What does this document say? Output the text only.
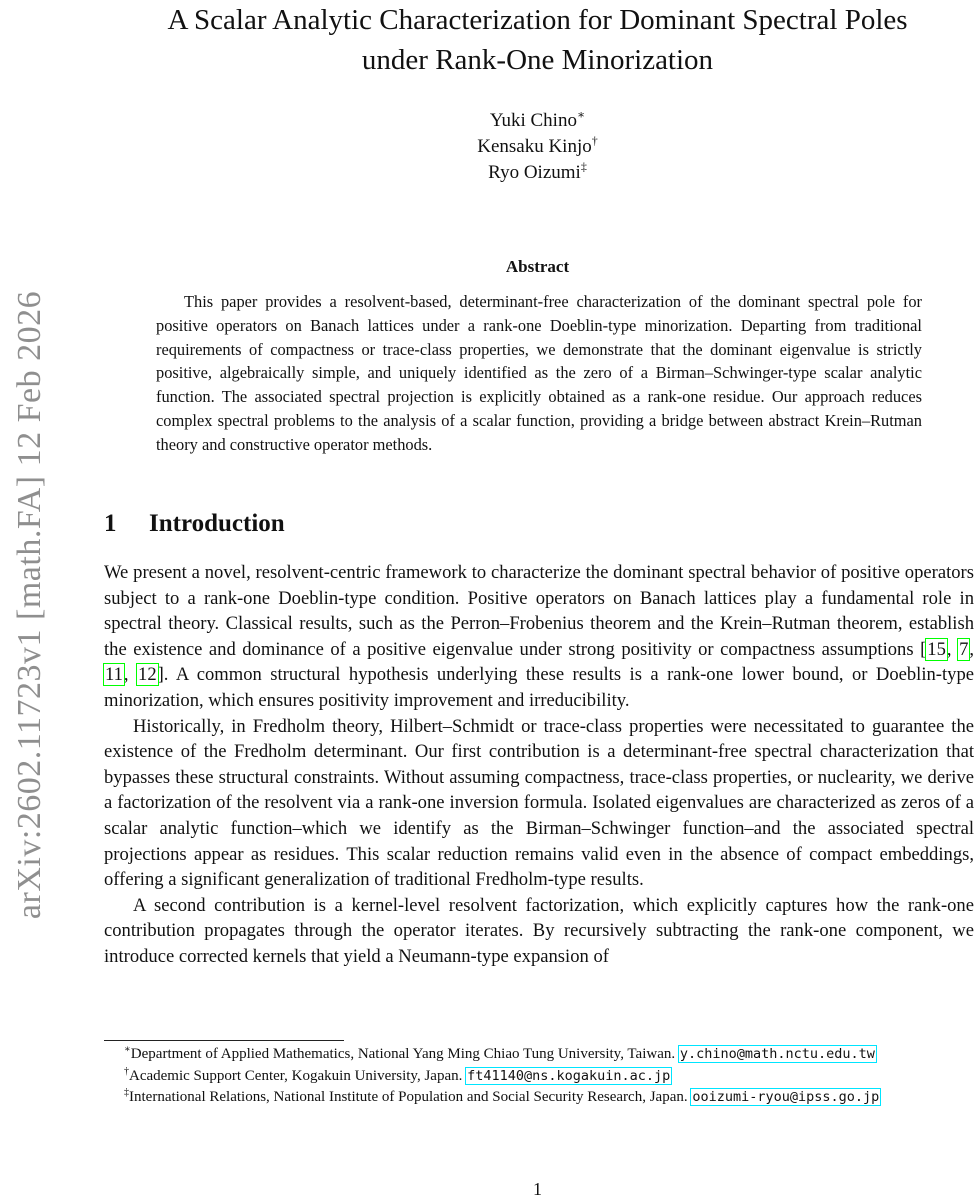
arXiv:2602.11723v1 [math.FA] 12 Feb 2026
A Scalar Analytic Characterization for Dominant Spectral Poles
under Rank-One Minorization
Yuki Chino∗
Kensaku Kinjo†
Ryo Oizumi‡
Abstract

This paper provides a resolvent-based, determinant-free characterization of the dominant spectral pole for positive operators on Banach lattices under a rank-one Doeblin-type minorization. Departing from traditional requirements of compactness or trace-class properties, we demonstrate that the dominant eigenvalue is strictly positive, algebraically simple, and uniquely identified as the zero of a Birman–Schwinger-type scalar analytic function. The associated spectral projection is explicitly obtained as a rank-one residue. Our approach reduces complex spectral problems to the analysis of a scalar function, providing a bridge between abstract Krein–Rutman theory and constructive operator methods.

1 Introduction

We present a novel, resolvent-centric framework to characterize the dominant spectral behavior of positive operators subject to a rank-one Doeblin-type condition. Positive operators on Banach lattices play a fundamental role in spectral theory. Classical results, such as the Perron–Frobenius theorem and the Krein–Rutman theorem, establish the existence and dominance of a positive eigenvalue under strong positivity or compactness assumptions [15, 7, 11, 12]. A common structural hypothesis underlying these results is a rank-one lower bound, or Doeblin-type minorization, which ensures positivity improvement and irreducibility.

Historically, in Fredholm theory, Hilbert–Schmidt or trace-class properties were necessitated to guarantee the existence of the Fredholm determinant. Our first contribution is a determinant-free spectral characterization that bypasses these structural constraints. Without assuming compactness, trace-class properties, or nuclearity, we derive a factorization of the resolvent via a rank-one inversion formula. Isolated eigenvalues are characterized as zeros of a scalar analytic function–which we identify as the Birman–Schwinger function–and the associated spectral projections appear as residues. This scalar reduction remains valid even in the absence of compact embeddings, offering a significant generalization of traditional Fredholm-type results.

A second contribution is a kernel-level resolvent factorization, which explicitly captures how the rank-one contribution propagates through the operator iterates. By recursively subtracting the rank-one component, we introduce corrected kernels that yield a Neumann-type expansion of

∗Department of Applied Mathematics, National Yang Ming Chiao Tung University, Taiwan. y.chino@math.nctu.edu.tw

†Academic Support Center, Kogakuin University, Japan. ft41140@ns.kogakuin.ac.jp

‡International Relations, National Institute of Population and Social Security Research, Japan. ooizumi-ryou@ipss.go.jp

1
